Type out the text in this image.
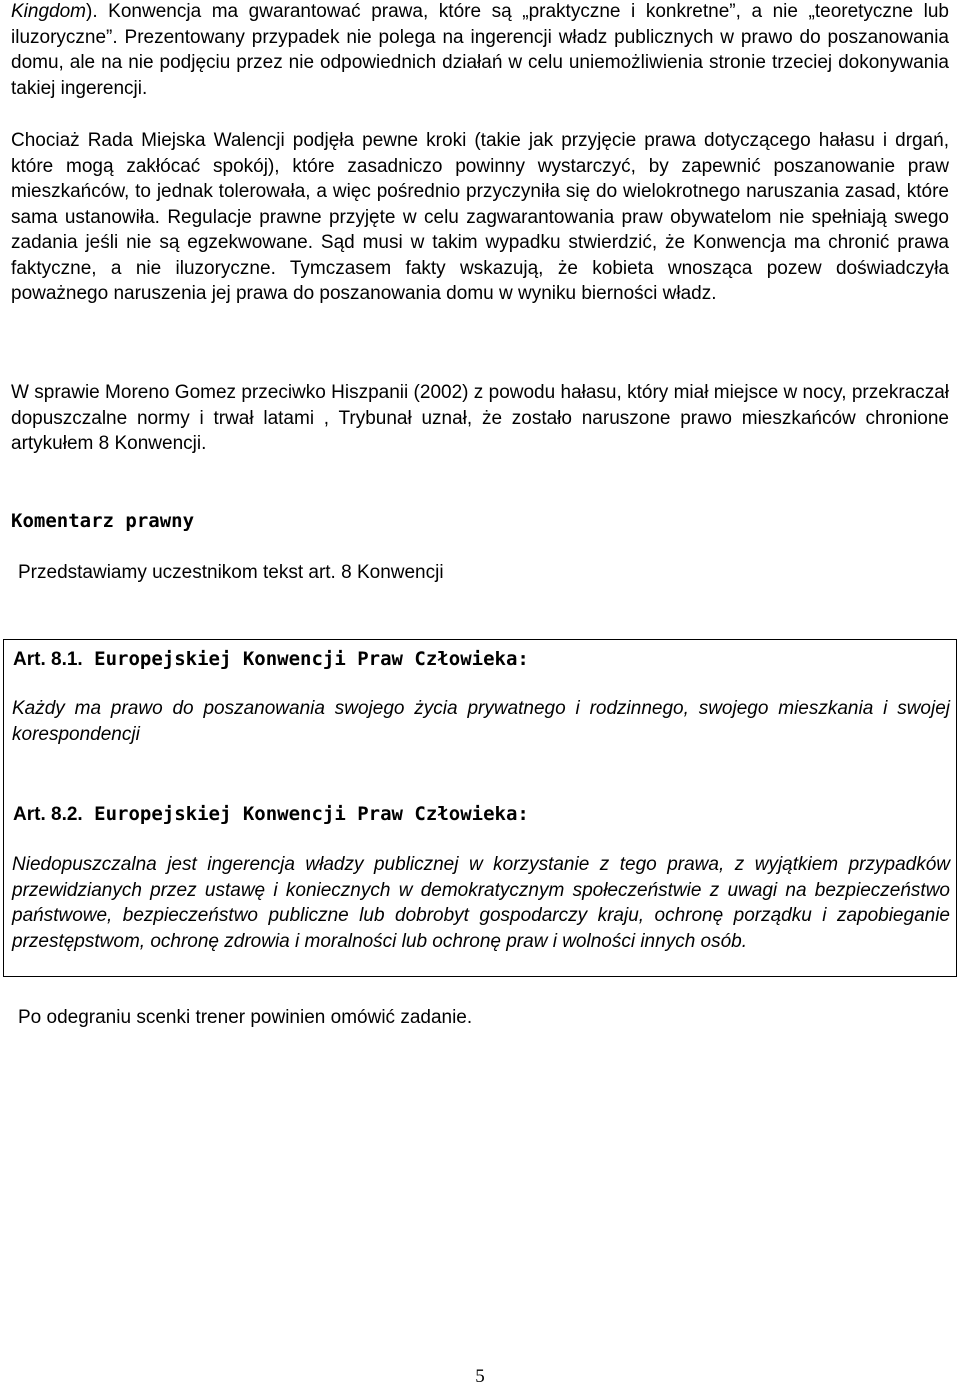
Kingdom). Konwencja ma gwarantować prawa, które są „praktyczne i konkretne”, a nie „teoretyczne lub iluzoryczne”. Prezentowany przypadek nie polega na ingerencji władz publicznych w prawo do poszanowania domu, ale na nie podjęciu przez nie odpowiednich działań w celu uniemożliwienia stronie trzeciej dokonywania takiej ingerencji.

Chociaż Rada Miejska Walencji podjęła pewne kroki (takie jak przyjęcie prawa dotyczącego hałasu i drgań, które mogą zakłócać spokój), które zasadniczo powinny wystarczyć, by zapewnić poszanowanie praw mieszkańców, to jednak tolerowała, a więc pośrednio przyczyniła się do wielokrotnego naruszania zasad, które sama ustanowiła. Regulacje prawne przyjęte w celu zagwarantowania praw obywatelom nie spełniają swego zadania jeśli nie są egzekwowane. Sąd musi w takim wypadku stwierdzić, że Konwencja ma chronić prawa faktyczne, a nie iluzoryczne. Tymczasem fakty wskazują, że kobieta wnosząca pozew doświadczyła poważnego naruszenia jej prawa do poszanowania domu w wyniku bierności władz.

W sprawie Moreno Gomez przeciwko Hiszpanii (2002) z powodu hałasu, który miał miejsce w nocy, przekraczał dopuszczalne normy i trwał latami , Trybunał uznał, że zostało naruszone prawo mieszkańców chronione artykułem 8 Konwencji.

Komentarz prawny

Przedstawiamy uczestnikom tekst art. 8 Konwencji

Art. 8.1. Europejskiej Konwencji Praw Człowieka:

Każdy ma prawo do poszanowania swojego życia prywatnego i rodzinnego, swojego mieszkania i swojej korespondencji

Art. 8.2. Europejskiej Konwencji Praw Człowieka:

Niedopuszczalna jest ingerencja władzy publicznej w korzystanie z tego prawa, z wyjątkiem przypadków przewidzianych przez ustawę i koniecznych w demokratycznym społeczeństwie z uwagi na bezpieczeństwo państwowe, bezpieczeństwo publiczne lub dobrobyt gospodarczy kraju, ochronę porządku i zapobieganie przestępstwom, ochronę zdrowia i moralności lub ochronę praw i wolności innych osób.

Po odegraniu scenki trener powinien omówić zadanie.

5
